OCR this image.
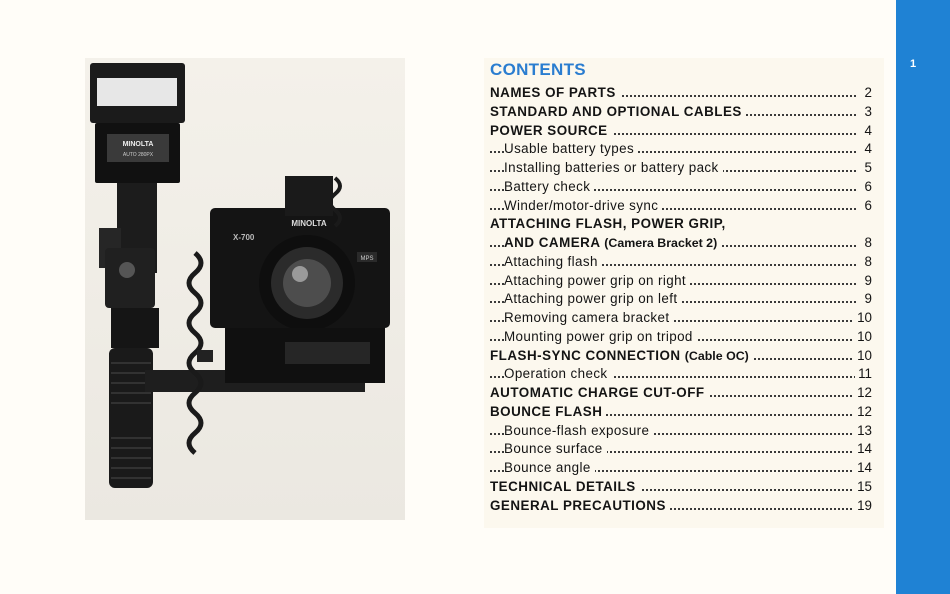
1
MINOLTA
AUTO 280PX
MINOLTA
X-700
MPS
CONTENTS
NAMES OF PARTS	2
STANDARD AND OPTIONAL CABLES	3
POWER SOURCE	4
Usable battery types	4
Installing batteries or battery pack	5
Battery check	6
Winder/motor-drive sync	6
ATTACHING FLASH, POWER GRIP,
AND CAMERA (Camera Bracket 2)	8
Attaching flash	8
Attaching power grip on right	9
Attaching power grip on left	9
Removing camera bracket	10
Mounting power grip on tripod	10
FLASH-SYNC CONNECTION (Cable OC)	10
Operation check	11
AUTOMATIC CHARGE CUT-OFF	12
BOUNCE FLASH	12
Bounce-flash exposure	13
Bounce surface	14
Bounce angle	14
TECHNICAL DETAILS	15
GENERAL PRECAUTIONS	19
